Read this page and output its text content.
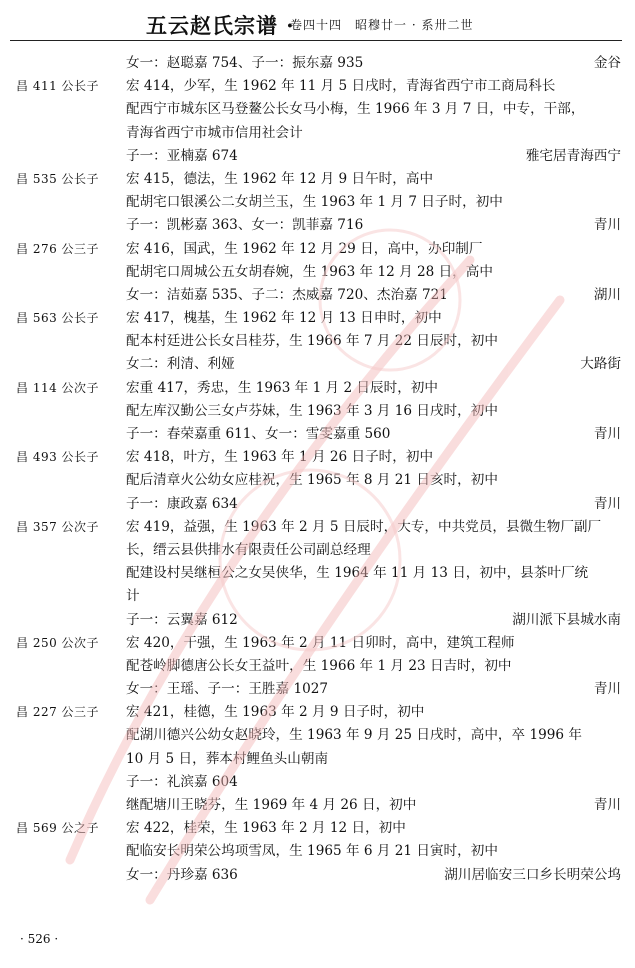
五云赵氏宗谱 ·
卷四十四　昭穆廿一 · 系卅二世
女一：赵聪嘉 754、子一：振东嘉 935	金谷
昌 411 公长子 宏 414，少军，生 1962 年 11 月 5 日戌时，青海省西宁市工商局科长
配西宁市城东区马登鳌公长女马小梅，生 1966 年 3 月 7 日，中专，干部，
青海省西宁市城市信用社会计
子一：亚楠嘉 674	雅宅居青海西宁
昌 535 公长子 宏 415，德法，生 1962 年 12 月 9 日午时，高中
配胡宅口银溪公二女胡兰玉，生 1963 年 1 月 7 日子时，初中
子一：凯彬嘉 363、女一：凯菲嘉 716	青川
昌 276 公三子 宏 416，国武，生 1962 年 12 月 29 日，高中，办印制厂
配胡宅口周城公五女胡春婉，生 1963 年 12 月 28 日，高中
女一：洁茹嘉 535、子二：杰威嘉 720、杰治嘉 721	湖川
昌 563 公长子 宏 417，槐基，生 1962 年 12 月 13 日申时，初中
配本村廷进公长女吕桂芬，生 1966 年 7 月 22 日辰时，初中
女二：利清、利娅	大路街
昌 114 公次子 宏重 417，秀忠，生 1963 年 1 月 2 日辰时，初中
配左库汉勤公三女卢芬妹，生 1963 年 3 月 16 日戌时，初中
子一：春荣嘉重 611、女一：雪雯嘉重 560	青川
昌 493 公长子 宏 418，叶方，生 1963 年 1 月 26 日子时，初中
配后清章火公幼女应桂祝，生 1965 年 8 月 21 日亥时，初中
子一：康政嘉 634	青川
昌 357 公次子 宏 419，益强，生 1963 年 2 月 5 日辰时，大专，中共党员，县微生物厂副厂
长，缙云县供排水有限责任公司副总经理
配建设村吴继桓公之女吴侠华，生 1964 年 11 月 13 日，初中，县茶叶厂统
计
子一：云翼嘉 612	湖川派下县城水南
昌 250 公次子 宏 420，干强，生 1963 年 2 月 11 日卯时，高中，建筑工程师
配苍岭脚德唐公长女王益叶，生 1966 年 1 月 23 日吉时，初中
女一：王瑶、子一：王胜嘉 1027	青川
昌 227 公三子 宏 421，桂德，生 1963 年 2 月 9 日子时，初中
配湖川德兴公幼女赵晓玲，生 1963 年 9 月 25 日戌时，高中，卒 1996 年
10 月 5 日，葬本村鲤鱼头山朝南
子一：礼滨嘉 604
继配塘川王晓芬，生 1969 年 4 月 26 日，初中	青川
昌 569 公之子 宏 422，桂荣，生 1963 年 2 月 12 日，初中
配临安长明荣公坞项雪凤，生 1965 年 6 月 21 日寅时，初中
女一：丹珍嘉 636	湖川居临安三口乡长明荣公坞
· 526 ·
